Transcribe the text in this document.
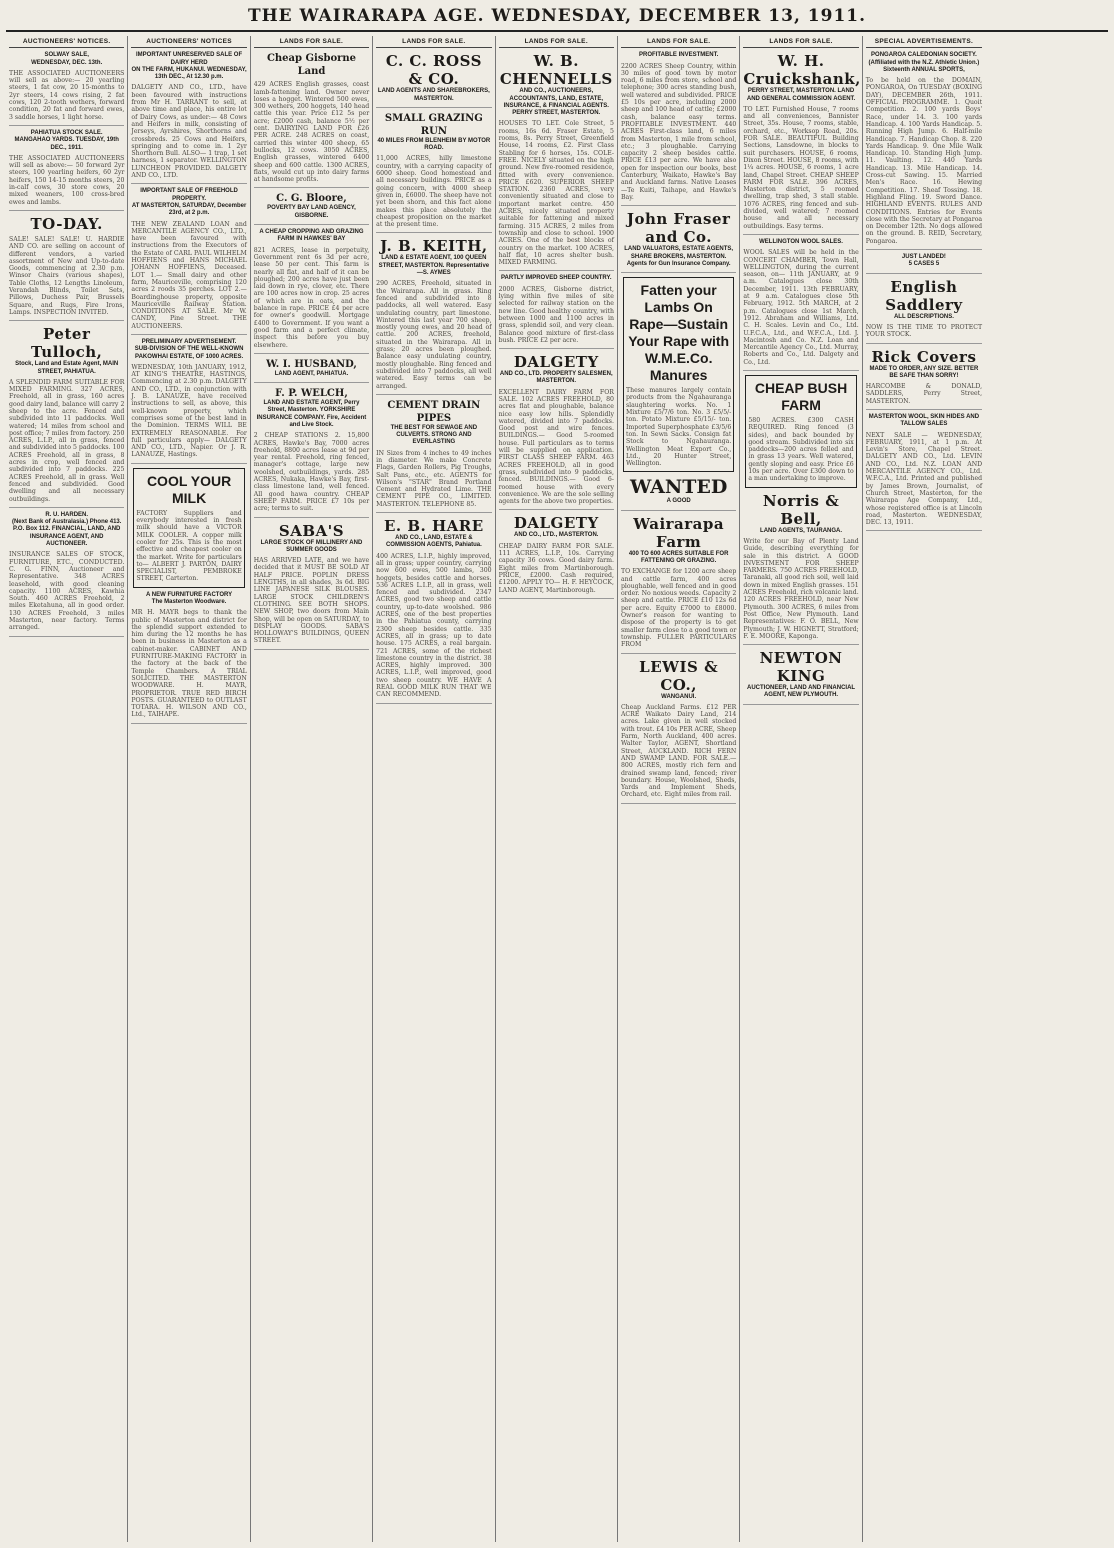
THE WAIRARAPA AGE. WEDNESDAY, DECEMBER 13, 1911.
AUCTIONEERS' NOTICES.
SOLWAY SALE,
WEDNESDAY, DEC. 13th.
THE ASSOCIATED AUCTIONEERS will sell as above:— 20 yearling steers, 1 fat cow, 20 15-months to 2yr steers, 14 cows rising, 2 fat cows, 120 2-tooth wethers, forward condition, 20 fat and forward ewes, 3 saddle horses, 1 light horse.
PAHIATUA STOCK SALE.
MANGAHAO YARDS. TUESDAY, 19th DEC., 1911.
THE ASSOCIATED AUCTIONEERS will sell as above:— 50 forward 2yr steers, 100 yearling heifers, 60 2yr heifers, 150 14-15 months steers, 20 in-calf cows, 30 store cows, 20 mixed weaners, 100 cross-bred ewes and lambs.
TO-DAY.
SALE! SALE! SALE! U. HARDIE AND CO. are selling on account of different vendors, a varied assortment of New and Up-to-date Goods, commencing at 2.30 p.m. Winsor Chairs (various shapes), Table Cloths, 12 Lengths Linoleum, Verandah Blinds, Toilet Sets, Pillows, Duchess Pair, Brussels Square, and Rugs, Fire Irons, Lamps. INSPECTION INVITED.
Peter Tulloch,
Stock, Land and Estate Agent, MAIN STREET, PAHIATUA.
A SPLENDID FARM SUITABLE FOR MIXED FARMING. 327 ACRES, Freehold, all in grass, 160 acres good dairy land, balance will carry 2 sheep to the acre. Fenced and subdivided into 11 paddocks. Well watered; 14 miles from school and post office; 7 miles from factory. 250 ACRES, L.I.P., all in grass, fenced and subdivided into 5 paddocks. 100 ACRES Freehold, all in grass, 8 acres in crop, well fenced and subdivided into 7 paddocks. 225 ACRES Freehold, all in grass. Well fenced and subdivided. Good dwelling and all necessary outbuildings.
R. U. HARDEN.
(Next Bank of Australasia.) Phone 413. P.O. Box 112. FINANCIAL, LAND, AND INSURANCE AGENT, AND AUCTIONEER.
INSURANCE SALES OF STOCK, FURNITURE, ETC., CONDUCTED. C. G. FINN, Auctioneer and Representative. 348 ACRES leasehold, with good cleaning capacity. 1100 ACRES, Kawhia South. 460 ACRES Freehold, 2 miles Eketahuna, all in good order. 130 ACRES Freehold, 3 miles Masterton, near factory. Terms arranged.
AUCTIONEERS' NOTICES
IMPORTANT UNRESERVED SALE OF DAIRY HERD
ON THE FARM, HUKANUI. WEDNESDAY, 13th DEC., At 12.30 p.m.
DALGETY AND CO., LTD., have been favoured with instructions from Mr H. TARRANT to sell, at above time and place, his entire lot of Dairy Cows, as under:— 48 Cows and Heifers in milk, consisting of Jerseys, Ayrshires, Shorthorns and crossbreds. 25 Cows and Heifers, springing and to come in. 1 2yr Shorthorn Bull. ALSO— 1 trap, 1 set harness, 1 separator. WELLINGTON LUNCHEON PROVIDED. DALGETY AND CO., LTD.
IMPORTANT SALE OF FREEHOLD PROPERTY.
AT MASTERTON, SATURDAY, December 23rd, at 2 p.m.
THE NEW ZEALAND LOAN and MERCANTILE AGENCY CO., LTD., have been favoured with instructions from the Executors of the Estate of CARL PAUL WILHELM HOFFIENS and HANS MICHAEL JOHANN HOFFIENS, Deceased. LOT 1.— Small dairy and other farm, Mauriceville, comprising 120 acres 2 roods 35 perches. LOT 2.— Boardinghouse property, opposite Mauriceville Railway Station. CONDITIONS AT SALE. Mr W. CANDY, Pine Street. THE AUCTIONEERS.
PRELIMINARY ADVERTISEMENT.
SUB-DIVISION OF THE WELL-KNOWN PAKOWHAI ESTATE, OF 1000 ACRES.
WEDNESDAY, 10th JANUARY, 1912, AT KING'S THEATRE, HASTINGS, Commencing at 2.30 p.m. DALGETY AND CO., LTD., in conjunction with J. B. LANAUZE, have received instructions to sell, as above, this well-known property, which comprises some of the best land in the Dominion. TERMS WILL BE EXTREMELY REASONABLE. For full particulars apply— DALGETY AND CO., LTD., Napier. Or J. R. LANAUZE, Hastings.
COOL YOUR MILK
FACTORY Suppliers and everybody interested in fresh milk should have a VICTOR MILK COOLER. A copper milk cooler for 25s. This is the most effective and cheapest cooler on the market. Write for particulars to— ALBERT J. PARTON, DAIRY SPECIALIST, PEMBROKE STREET, Carterton.
A NEW FURNITURE FACTORY
The Masterton Woodware.
MR H. MAYR begs to thank the public of Masterton and district for the splendid support extended to him during the 12 months he has been in business in Masterton as a cabinet-maker. CABINET AND FURNITURE-MAKING FACTORY in the factory at the back of the Temple Chambers. A TRIAL SOLICITED. THE MASTERTON WOODWARE. H. MAYR, PROPRIETOR. TRUE RED BIRCH POSTS. GUARANTEED to OUTLAST TOTARA. H. WILSON AND CO., Ltd., TAIHAPE.
LANDS FOR SALE.
Cheap Gisborne Land
429 ACRES English grasses, coast lamb-fattening land. Owner never loses a hogget. Wintered 500 ewes, 300 wethers, 200 hoggets, 140 head cattle this year. Price £12 5s per acre; £2000 cash, balance 5½ per cent. DAIRYING LAND FOR £26 PER ACRE. 248 ACRES on coast, carried this winter 400 sheep, 65 bullocks, 12 cows. 3050 ACRES, English grasses, wintered 6400 sheep and 600 cattle. 1300 ACRES, flats, would cut up into dairy farms at handsome profits.
C. G. Bloore,
POVERTY BAY LAND AGENCY, GISBORNE.
A CHEAP CROPPING AND GRAZING FARM IN HAWKES' BAY
821 ACRES, lease in perpetuity, Government rent 6s 3d per acre, lease 50 per cent. This farm is nearly all flat, and half of it can be ploughed; 200 acres have just been laid down in rye, clover, etc. There are 100 acres now in crop. 25 acres of which are in oats, and the balance in rape. PRICE £4 per acre for owner's goodwill. Mortgage £400 to Government. If you want a good farm and a perfect climate, inspect this before you buy elsewhere.
W. I. HUSBAND,
LAND AGENT, PAHIATUA.
F. P. WELCH,
LAND AND ESTATE AGENT, Perry Street, Masterton. YORKSHIRE INSURANCE COMPANY. Fire, Accident and Live Stock.
2 CHEAP STATIONS 2. 15,800 ACRES, Hawke's Bay, 7000 acres freehold, 8800 acres lease at 9d per year rental. Freehold, ring fenced, manager's cottage, large new woolshed, outbuildings, yards. 285 ACRES, Nukaka, Hawke's Bay, first-class limestone land, well fenced. All good hawa country. CHEAP SHEEP FARM. PRICE £7 10s per acre; terms to suit.
SABA'S
LARGE STOCK OF MILLINERY AND SUMMER GOODS
HAS ARRIVED LATE, and we have decided that it MUST BE SOLD AT HALF PRICE. POPLIN DRESS LENGTHS, in all shades, 3s 6d. BIG LINE JAPANESE SILK BLOUSES. LARGE STOCK CHILDREN'S CLOTHING. SEE BOTH SHOPS. NEW SHOP, two doors from Main Shop, will be open on SATURDAY, to DISPLAY GOODS. SABA'S HOLLOWAY'S BUILDINGS, QUEEN STREET.
LANDS FOR SALE.
C. C. ROSS & CO.
LAND AGENTS AND SHAREBROKERS, MASTERTON.
SMALL GRAZING RUN
40 MILES FROM BLENHEIM BY MOTOR ROAD.
11,000 ACRES, hilly limestone country, with a carrying capacity of 6000 sheep. Good homestead and all necessary buildings. PRICE as a going concern, with 4000 sheep given in, £6000. The sheep have not yet been shorn, and this fact alone makes this place absolutely the cheapest proposition on the market at the present time.
J. B. KEITH,
LAND & ESTATE AGENT, 100 QUEEN STREET, MASTERTON. Representative—S. AYMES
290 ACRES, Freehold, situated in the Wairarapa. All in grass. Ring fenced and subdivided into 8 paddocks, all well watered. Easy undulating country, part limestone. Wintered this last year 700 sheep, mostly young ewes, and 20 head of cattle. 200 ACRES, freehold, situated in the Wairarapa. All in grass; 20 acres been ploughed. Balance easy undulating country, mostly ploughable. Ring fenced and subdivided into 7 paddocks, all well watered. Easy terms can be arranged.
CEMENT DRAIN PIPES
THE BEST FOR SEWAGE AND CULVERTS. STRONG AND EVERLASTING
IN Sizes from 4 inches to 49 inches in diameter. We make Concrete Flags, Garden Rollers, Pig Troughs, Salt Pans, etc., etc. AGENTS for Wilson's "STAR" Brand Portland Cement and Hydrated Lime. THE CEMENT PIPE CO., LIMITED. MASTERTON. TELEPHONE 85.
E. B. HARE
AND CO., LAND, ESTATE & COMMISSION AGENTS, Pahiatua.
400 ACRES, L.I.P., highly improved, all in grass; upper country, carrying now 600 ewes, 500 lambs, 300 hoggets, besides cattle and horses. 536 ACRES L.I.P., all in grass, well fenced and subdivided. 2347 ACRES, good two sheep and cattle country, up-to-date woolshed. 986 ACRES, one of the best properties in the Pahiatua county, carrying 2300 sheep besides cattle. 335 ACRES, all in grass; up to date house. 175 ACRES, a real bargain. 721 ACRES, some of the richest limestone country in the district. 38 ACRES, highly improved. 300 ACRES, L.I.P., well improved, good two sheep country. WE HAVE A REAL GOOD MILK RUN THAT WE CAN RECOMMEND.
LANDS FOR SALE.
W. B. CHENNELLS
AND CO., AUCTIONEERS, ACCOUNTANTS, LAND, ESTATE, INSURANCE, & FINANCIAL AGENTS. PERRY STREET, MASTERTON.
HOUSES TO LET. Cole Street, 5 rooms, 16s 6d. Fraser Estate, 5 rooms, 8s. Perry Street, Greenfield House, 14 rooms, £2. First Class Stabling for 6 horses, 15s. COLE-FREE. NICELY situated on the high ground. New five-roomed residence, fitted with every convenience. PRICE £620. SUPERIOR SHEEP STATION. 2360 ACRES, very conveniently situated and close to important market centre. 450 ACRES, nicely situated property suitable for fattening and mixed farming. 315 ACRES, 2 miles from township and close to school. 1900 ACRES. One of the best blocks of country on the market. 100 ACRES, half flat, 10 acres shelter bush. MIXED FARMING.
PARTLY IMPROVED SHEEP COUNTRY.
2000 ACRES, Gisborne district, lying within five miles of site selected for railway station on the new line. Good healthy country, with between 1000 and 1100 acres in grass, splendid soil, and very clean. Balance good mixture of first-class bush. PRICE £2 per acre.
DALGETY
AND CO., LTD. PROPERTY SALESMEN, MASTERTON.
EXCELLENT DAIRY FARM FOR SALE. 102 ACRES FREEHOLD, 80 acres flat and ploughable, balance nice easy low hills. Splendidly watered, divided into 7 paddocks. Good post and wire fences. BUILDINGS.— Good 5-roomed house. Full particulars as to terms will be supplied on application. FIRST CLASS SHEEP FARM. 463 ACRES FREEHOLD, all in good grass, subdivided into 9 paddocks, fenced. BUILDINGS.— Good 6-roomed house with every convenience. We are the sole selling agents for the above two properties.
DALGETY
AND CO., LTD., MASTERTON.
CHEAP DAIRY FARM FOR SALE. 111 ACRES, L.I.P., 10s. Carrying capacity 36 cows. Good dairy farm. Eight miles from Martinborough. PRICE, £2000. Cash required, £1200. APPLY TO— H. F. HEYCOCK, LAND AGENT, Martinborough.
LANDS FOR SALE.
PROFITABLE INVESTMENT.
2200 ACRES Sheep Country, within 30 miles of good town by motor road, 6 miles from store, school and telephone; 300 acres standing bush, well watered and subdivided. PRICE £5 10s per acre, including 2000 sheep and 100 head of cattle; £2000 cash, balance easy terms. PROFITABLE INVESTMENT. 440 ACRES First-class land, 6 miles from Masterton, 1 mile from school, etc.; 3 ploughable. Carrying capacity 2 sheep besides cattle. PRICE £13 per acre. We have also open for inspection our books, best Canterbury, Waikato, Hawke's Bay and Auckland farms. Native Leases—Te Kuiti, Taihape, and Hawke's Bay.
John Fraser and Co.
LAND VALUATORS, ESTATE AGENTS, SHARE BROKERS, MASTERTON. Agents for Gun Insurance Company.
Fatten your Lambs On Rape—Sustain Your Rape with W.M.E.Co. Manures
These manures largely contain products from the Ngahauranga slaughtering works. No. 1 Mixture £5/7/6 ton. No. 3 £5/5/- ton. Potato Mixture £5/15/- ton. Imported Superphosphate £3/5/6 ton. In Sewn Sacks. Consign fat Stock to Ngahauranga. Wellington Meat Export Co., Ltd., 20 Hunter Street, Wellington.
WANTED
A GOOD
Wairarapa Farm
400 TO 600 ACRES SUITABLE FOR FATTENING OR GRAZING.
TO EXCHANGE for 1200 acre sheep and cattle farm, 400 acres ploughable, well fenced and in good order. No noxious weeds. Capacity 2 sheep and cattle. PRICE £10 12s 6d per acre. Equity £7000 to £8000. Owner's reason for wanting to dispose of the property is to get smaller farm close to a good town or township. FULLER PARTICULARS FROM
LEWIS & CO.,
WANGANUI.
Cheap Auckland Farms. £12 PER ACRE Waikato Dairy Land, 214 acres. Lake given in well stocked with trout. £4 10s PER ACRE, Sheep Farm, North Auckland, 400 acres. Walter Taylor, AGENT, Shortland Street, AUCKLAND. RICH FERN AND SWAMP LAND. FOR SALE.—800 ACRES, mostly rich fern and drained swamp land, fenced; river boundary. House, Woolshed, Sheds, Yards and Implement Sheds, Orchard, etc. Eight miles from rail.
LANDS FOR SALE.
W. H. Cruickshank,
PERRY STREET, MASTERTON. LAND AND GENERAL COMMISSION AGENT.
TO LET. Furnished House, 7 rooms and all conveniences, Bannister Street, 35s. House, 7 rooms, stable, orchard, etc., Worksop Road, 20s. FOR SALE. BEAUTIFUL Building Sections, Lansdowne, in blocks to suit purchasers. HOUSE, 6 rooms, Dixon Street. HOUSE, 8 rooms, with 1¼ acres. HOUSE, 6 rooms, 1 acre land, Chapel Street. CHEAP SHEEP FARM FOR SALE. 396 ACRES, Masterton district, 5 roomed dwelling, trap shed, 3 stall stable. 1076 ACRES, ring fenced and sub-divided, well watered; 7 roomed house and all necessary outbuildings. Easy terms.
WELLINGTON WOOL SALES.
WOOL SALES will be held in the CONCERT CHAMBER, Town Hall, WELLINGTON, during the current season, on— 11th JANUARY, at 9 a.m. Catalogues close 30th December, 1911. 13th FEBRUARY, at 9 a.m. Catalogues close 5th February, 1912. 5th MARCH, at 2 p.m. Catalogues close 1st March, 1912. Abraham and Williams, Ltd. C. H. Scales. Levin and Co., Ltd. U.F.C.A., Ltd., and W.F.C.A., Ltd. J. Macintosh and Co. N.Z. Loan and Mercantile Agency Co., Ltd. Murray, Roberts and Co., Ltd. Dalgety and Co., Ltd.
CHEAP BUSH FARM
580 ACRES. £300 CASH REQUIRED. Ring fenced (3 sides), and back bounded by good stream. Subdivided into six paddocks—200 acres felled and in grass 13 years. Well watered, gently sloping and easy. Price £6 10s per acre. Over £300 down to a man undertaking to improve.
Norris & Bell,
LAND AGENTS, TAURANGA.
Write for our Bay of Plenty Land Guide, describing everything for sale in this district. A GOOD INVESTMENT FOR SHEEP FARMERS. 750 ACRES FREEHOLD, Taranaki, all good rich soil, well laid down in mixed English grasses. 151 ACRES Freehold, rich volcanic land. 120 ACRES FREEHOLD, near New Plymouth. 300 ACRES, 6 miles from Post Office, New Plymouth. Land Representatives: F. O. BELL, New Plymouth; J. W. HIGNETT, Stratford; F. E. MOORE, Kaponga.
NEWTON KING
AUCTIONEER, LAND AND FINANCIAL AGENT, NEW PLYMOUTH.
SPECIAL ADVERTISEMENTS.
PONGAROA CALEDONIAN SOCIETY.
(Affiliated with the N.Z. Athletic Union.) Sixteenth ANNUAL SPORTS,
To be held on the DOMAIN, PONGAROA, On TUESDAY (BOXING DAY), DECEMBER 26th, 1911. OFFICIAL PROGRAMME. 1. Quoit Competition. 2. 100 yards Boys' Race, under 14. 3. 100 yards Handicap. 4. 100 Yards Handicap. 5. Running High Jump. 6. Half-mile Handicap. 7. Handicap Chop. 8. 220 Yards Handicap. 9. One Mile Walk Handicap. 10. Standing High Jump. 11. Vaulting. 12. 440 Yards Handicap. 13. Mile Handicap. 14. Cross-cut Sawing. 15. Married Men's Race. 16. Hewing Competition. 17. Sheaf Tossing. 18. Highland Fling. 19. Sword Dance. HIGHLAND EVENTS. RULES AND CONDITIONS. Entries for Events close with the Secretary at Pongaroa on December 12th. No dogs allowed on the ground. B. REID, Secretary, Pongaroa.
JUST LANDED!
5 CASES 5
English Saddlery
ALL DESCRIPTIONS.
NOW IS THE TIME TO PROTECT YOUR STOCK.
Rick Covers
MADE TO ORDER, ANY SIZE. BETTER BE SAFE THAN SORRY!
HARCOMBE & DONALD, SADDLERS, Perry Street, MASTERTON.
MASTERTON WOOL, SKIN HIDES AND TALLOW SALES
NEXT SALE — WEDNESDAY, FEBRUARY, 1911, at 1 p.m. At Levin's Store, Chapel Street. DALGETY AND CO., Ltd. LEVIN AND CO., Ltd. N.Z. LOAN AND MERCANTILE AGENCY CO., Ltd. W.F.C.A., Ltd. Printed and published by James Brown, Journalist, of Church Street, Masterton, for the Wairarapa Age Company, Ltd., whose registered office is at Lincoln road, Masterton. WEDNESDAY, DEC. 13, 1911.
